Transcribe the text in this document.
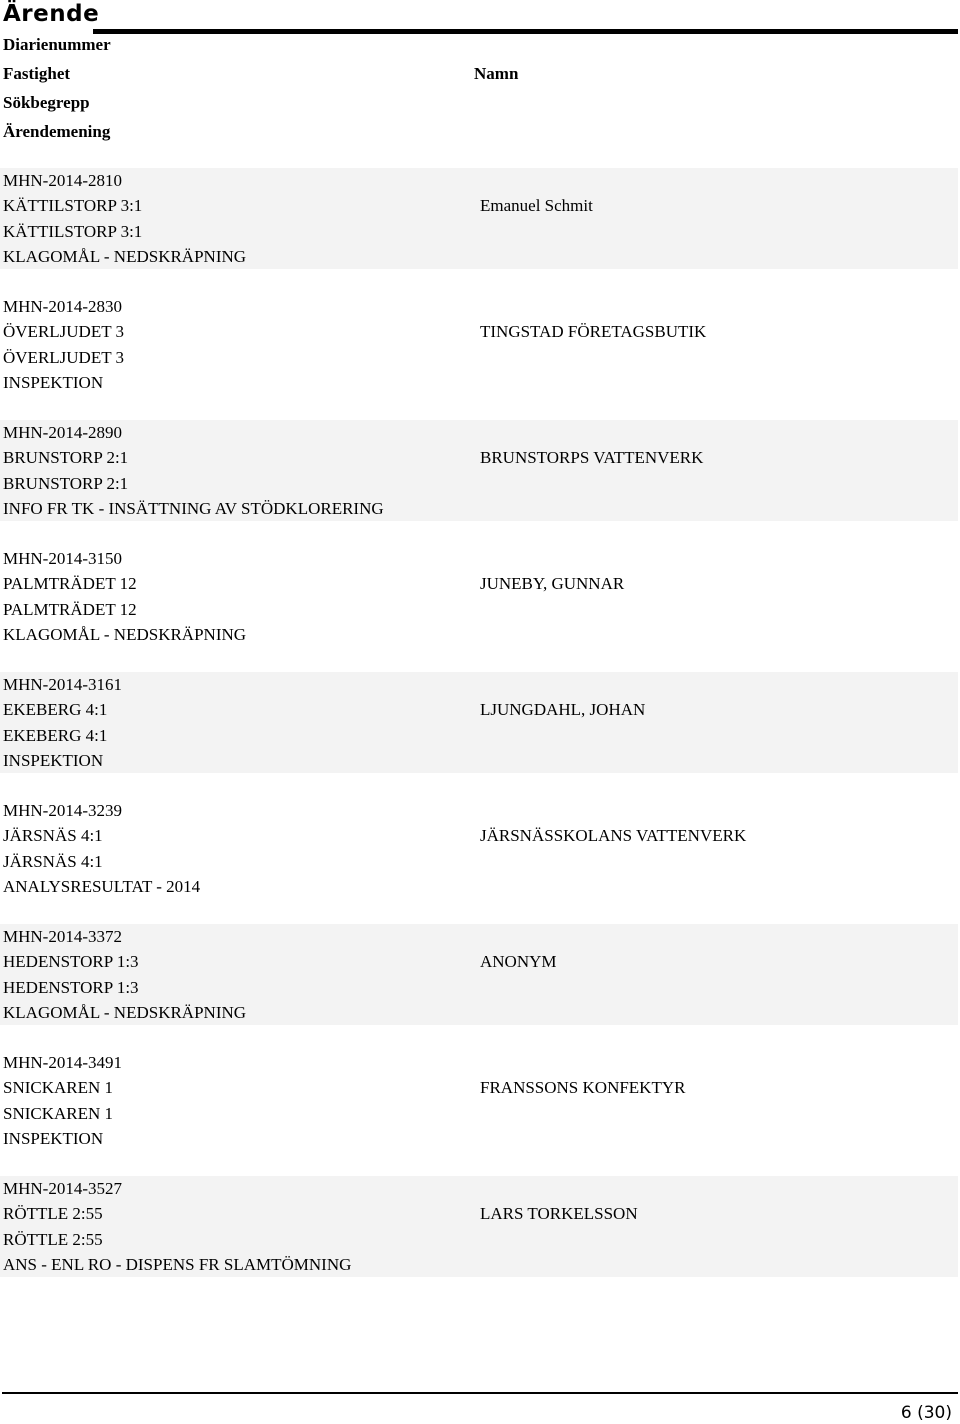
Ärende
Diarienummer
Fastighet	Namn
Sökbegrepp
Ärendemening
MHN-2014-2810
KÄTTILSTORP 3:1
KÄTTILSTORP 3:1
KLAGOMÅL - NEDSKRÄPNING
Emanuel Schmit
MHN-2014-2830
ÖVERLJUDET 3
ÖVERLJUDET 3
INSPEKTION
TINGSTAD FÖRETAGSBUTIK
MHN-2014-2890
BRUNSTORP 2:1
BRUNSTORP 2:1
INFO FR TK - INSÄTTNING AV STÖDKLORERING
BRUNSTORPS VATTENVERK
MHN-2014-3150
PALMTRÄDET 12
PALMTRÄDET 12
KLAGOMÅL - NEDSKRÄPNING
JUNEBY, GUNNAR
MHN-2014-3161
EKEBERG 4:1
EKEBERG 4:1
INSPEKTION
LJUNGDAHL, JOHAN
MHN-2014-3239
JÄRSNÄS 4:1
JÄRSNÄS 4:1
ANALYSRESULTAT - 2014
JÄRSNÄSSKOLANS VATTENVERK
MHN-2014-3372
HEDENSTORP 1:3
HEDENSTORP 1:3
KLAGOMÅL - NEDSKRÄPNING
ANONYM
MHN-2014-3491
SNICKAREN 1
SNICKAREN 1
INSPEKTION
FRANSSONS KONFEKTYR
MHN-2014-3527
RÖTTLE 2:55
RÖTTLE 2:55
ANS - ENL RO - DISPENS FR SLAMTÖMNING
LARS TORKELSSON
6 (30)
